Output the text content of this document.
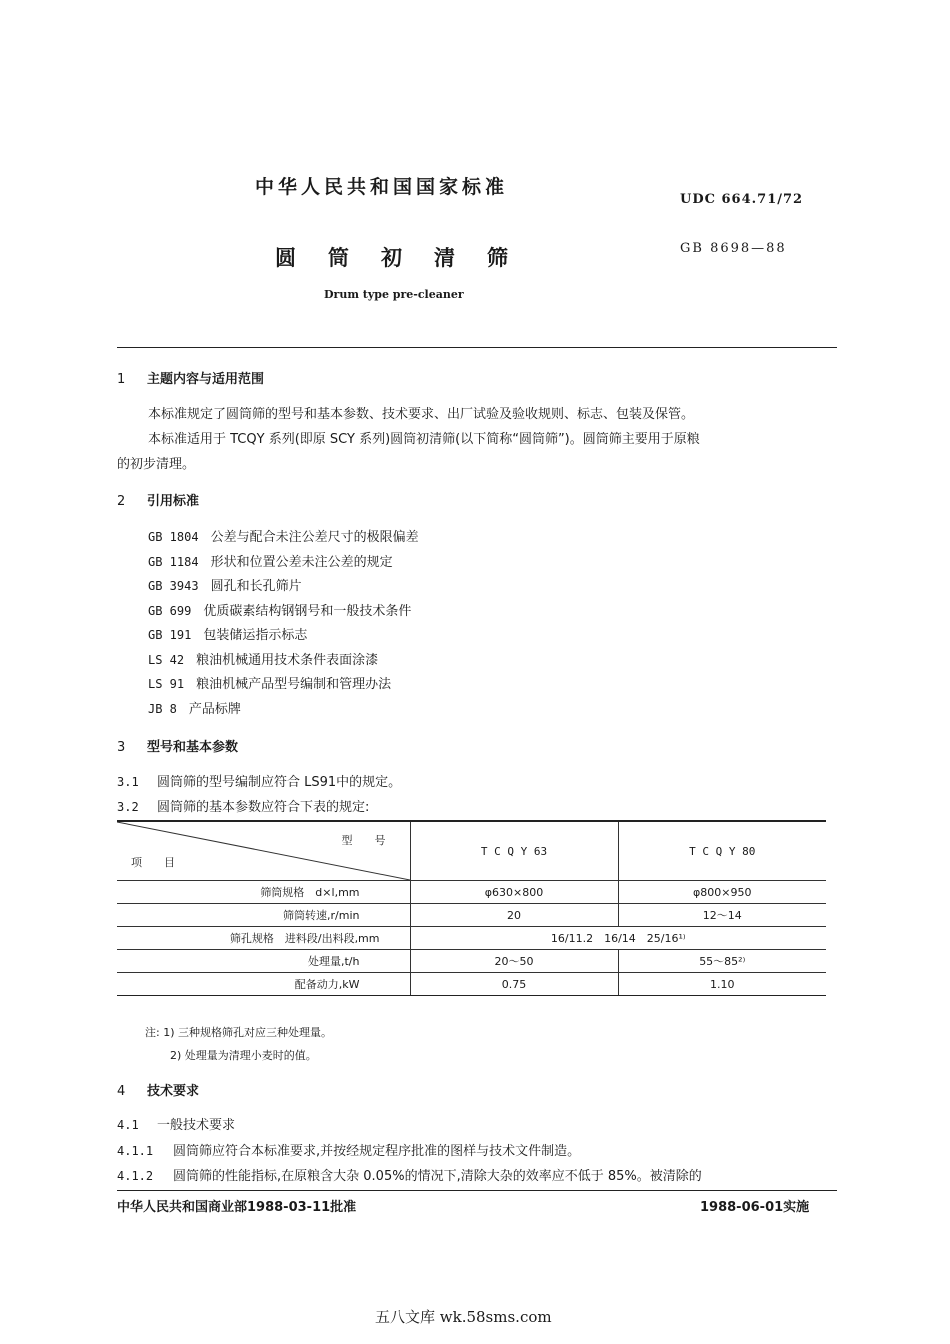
中华人民共和国国家标准
UDC 664.71/72
圆筒初清筛	GB 8698—88
Drum type pre-cleaner
1 主题内容与适用范围
本标准规定了圆筒筛的型号和基本参数、技术要求、出厂试验及验收规则、标志、包装及保管。
本标准适用于 TCQY 系列(即原 SCY 系列)圆筒初清筛(以下简称“圆筒筛”)。圆筒筛主要用于原粮
的初步清理。
2 引用标准
GB 1804 公差与配合未注公差尺寸的极限偏差
GB 1184 形状和位置公差未注公差的规定
GB 3943 圆孔和长孔筛片
GB 699 优质碳素结构钢钢号和一般技术条件
GB 191 包装储运指示标志
LS 42 粮油机械通用技术条件表面涂漆
LS 91 粮油机械产品型号编制和管理办法
JB 8 产品标牌
3 型号和基本参数
3.1 圆筒筛的型号编制应符合 LS91中的规定。
3.2 圆筒筛的基本参数应符合下表的规定:
型　　号
项　　目	T C Q Y 63	T C Q Y 80
筛筒规格　d×l,mm	φ630×800	φ800×950
筛筒转速,r/min	20	12～14
筛孔规格　进料段/出料段,mm	16/11.2　16/14　25/16¹⁾	
处理量,t/h	20～50	55～85²⁾
配备动力,kW	0.75	1.10
注: 1) 三种规格筛孔对应三种处理量。
2) 处理量为清理小麦时的值。
4 技术要求
4.1 一般技术要求
4.1.1 圆筒筛应符合本标准要求,并按经规定程序批准的图样与技术文件制造。
4.1.2 圆筒筛的性能指标,在原粮含大杂 0.05%的情况下,清除大杂的效率应不低于 85%。被清除的
中华人民共和国商业部1988-03-11批准	1988-06-01实施
五八文库 wk.58sms.com
